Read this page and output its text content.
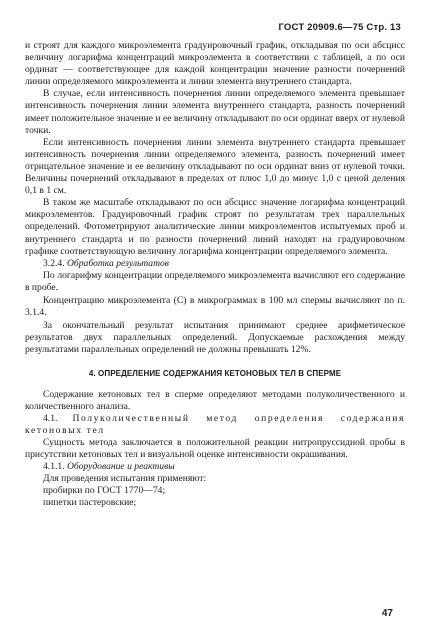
ГОСТ 20909.6—75 Стр. 13

и строят для каждого микроэлемента градуировочный график, откладывая по оси абсцисс величину логарифма концентраций микроэлемента в соответствии с таблицей, а по оси ординат — соответствующее для каждой концентрации значение разности почернений линии определяемого микроэлемента и линии элемента внутреннего стандарта.

В случае, если интенсивность почернения линии определяемого элемента превышает интенсивность почернения линии элемента внутреннего стандарта, разность почернений имеет положительное значение и ее величину откладывают по оси ординат вверх от нулевой точки.

Если интенсивность почернения линии элемента внутреннего стандарта превышает интенсивность почернения линии определяемого элемента, разность почернений имеет отрицательное значение и ее величину откладывают по оси ординат вниз от нулевой точки. Величины почернений откладывают в пределах от плюс 1,0 до минус 1,0 с ценой деления 0,1 в 1 см.

В таком же масштабе откладывают по оси абсцисс значение логарифма концентраций микроэлементов. Градуировочный график строят по результатам трех параллельных определений. Фотометрируют аналитические линии микроэлементов испытуемых проб и внутреннего стандарта и по разности почернений линий находят на градуировочном графике соответствующую величину логарифма концентрации определяемого элемента.

3.2.4. Обработка результатов

По логарифму концентрации определяемого микроэлемента вычисляют его содержание в пробе.

Концентрацию микроэлемента (С) в микрограммах в 100 мл спермы вычисляют по п. 3.1.4.

За окончательный результат испытания принимают среднее арифметическое результатов двух параллельных определений. Допускаемые расхождения между результатами параллельных определений не должны превышать 12%.

4. ОПРЕДЕЛЕНИЕ СОДЕРЖАНИЯ КЕТОНОВЫХ ТЕЛ В СПЕРМЕ

Содержание кетоновых тел в сперме определяют методами полуколичественного и количественного анализа.

4.1. Полуколичественный метод определения содержания кетоновых тел

Сущность метода заключается в положительной реакции нитропруссидной пробы в присутствии кетоновых тел и визуальной оценке интенсивности окрашивания.

4.1.1. Оборудование и реактивы

Для проведения испытания применяют:

пробирки по ГОСТ 1770—74;

пипетки пастеровские;

47
